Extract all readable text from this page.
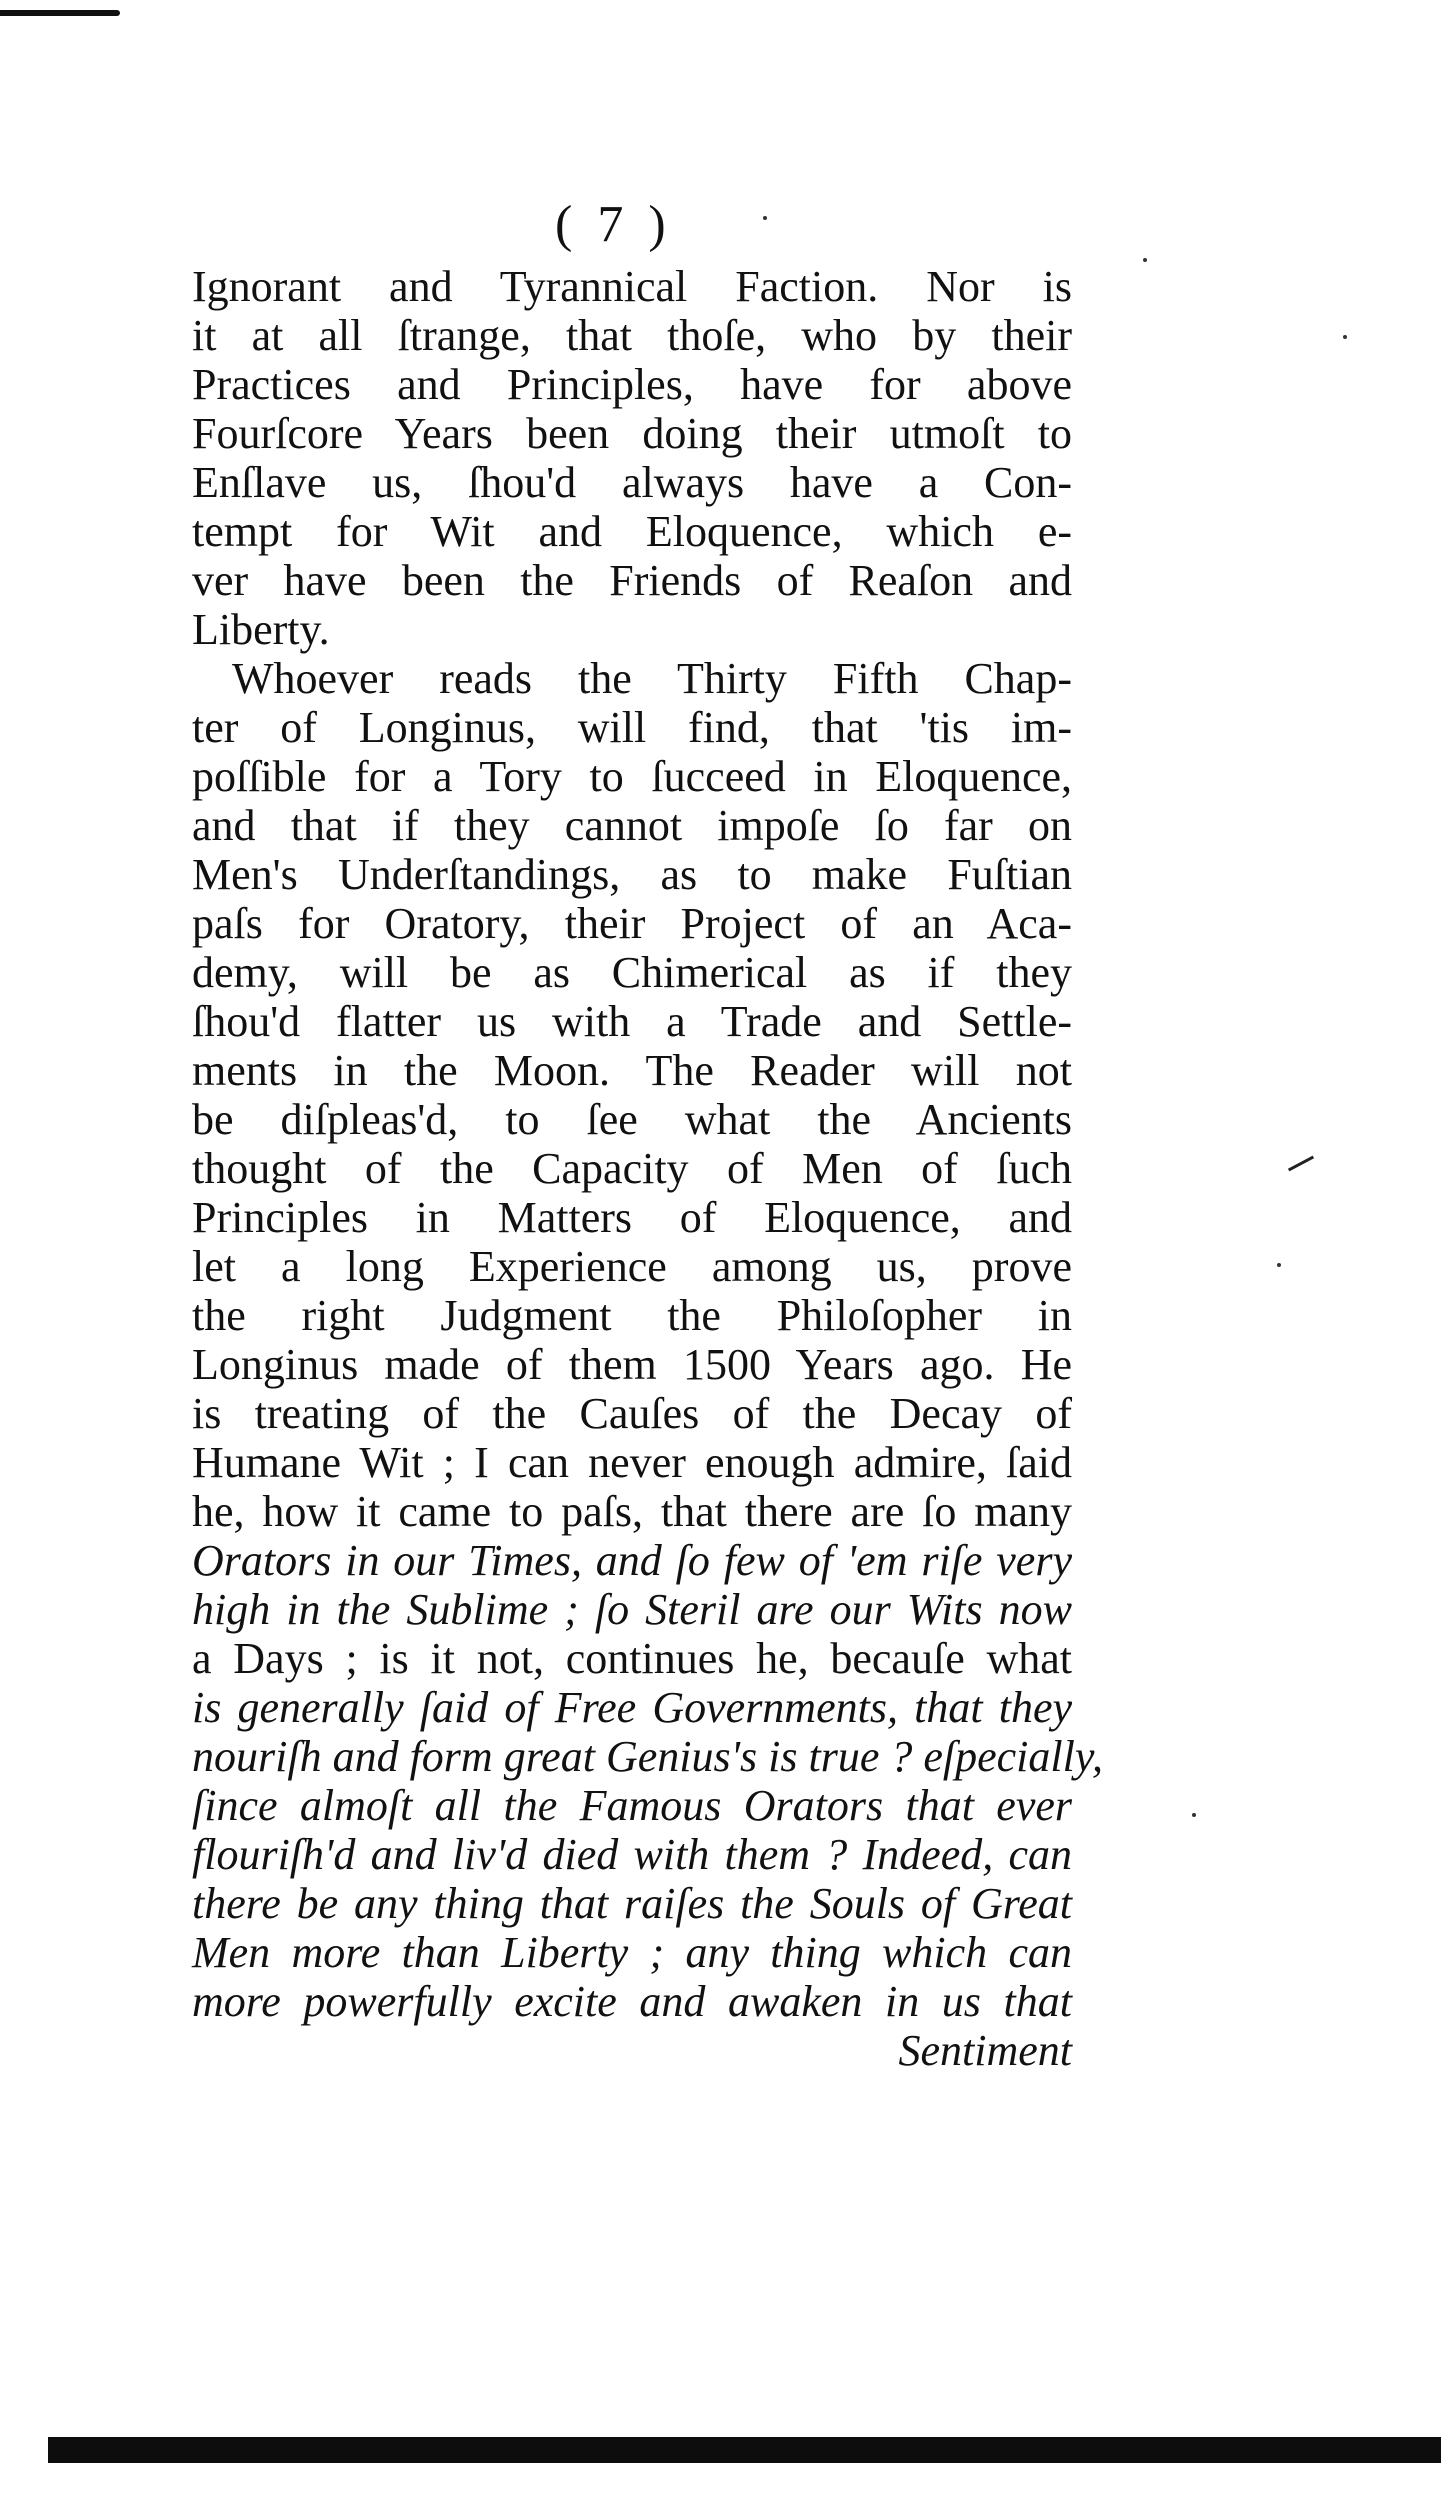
( 7 )
Ignorant and Tyrannical Faction. Nor is
it at all ſtrange, that thoſe, who by their
Practices and Principles, have for above
Fourſcore Years been doing their utmoſt to
Enſlave us, ſhou'd always have a Con-
tempt for Wit and Eloquence, which e-
ver have been the Friends of Reaſon and
Liberty.
Whoever reads the Thirty Fifth Chap-
ter of Longinus, will find, that 'tis im-
poſſible for a Tory to ſucceed in Eloquence,
and that if they cannot impoſe ſo far on
Men's Underſtandings, as to make Fuſtian
paſs for Oratory, their Project of an Aca-
demy, will be as Chimerical as if they
ſhou'd flatter us with a Trade and Settle-
ments in the Moon. The Reader will not
be diſpleas'd, to ſee what the Ancients
thought of the Capacity of Men of ſuch
Principles in Matters of Eloquence, and
let a long Experience among us, prove
the right Judgment the Philoſopher in
Longinus made of them 1500 Years ago. He
is treating of the Cauſes of the Decay of
Humane Wit ; I can never enough admire, ſaid
he, how it came to paſs, that there are ſo many
Orators in our Times, and ſo few of 'em riſe very
high in the Sublime ; ſo Steril are our Wits now
a Days ; is it not, continues he, becauſe what
is generally ſaid of Free Governments, that they
nouriſh and form great Genius's is true ? eſpecially,
ſince almoſt all the Famous Orators that ever
flouriſh'd and liv'd died with them ? Indeed, can
there be any thing that raiſes the Souls of Great
Men more than Liberty ; any thing which can
more powerfully excite and awaken in us that
Sentiment
